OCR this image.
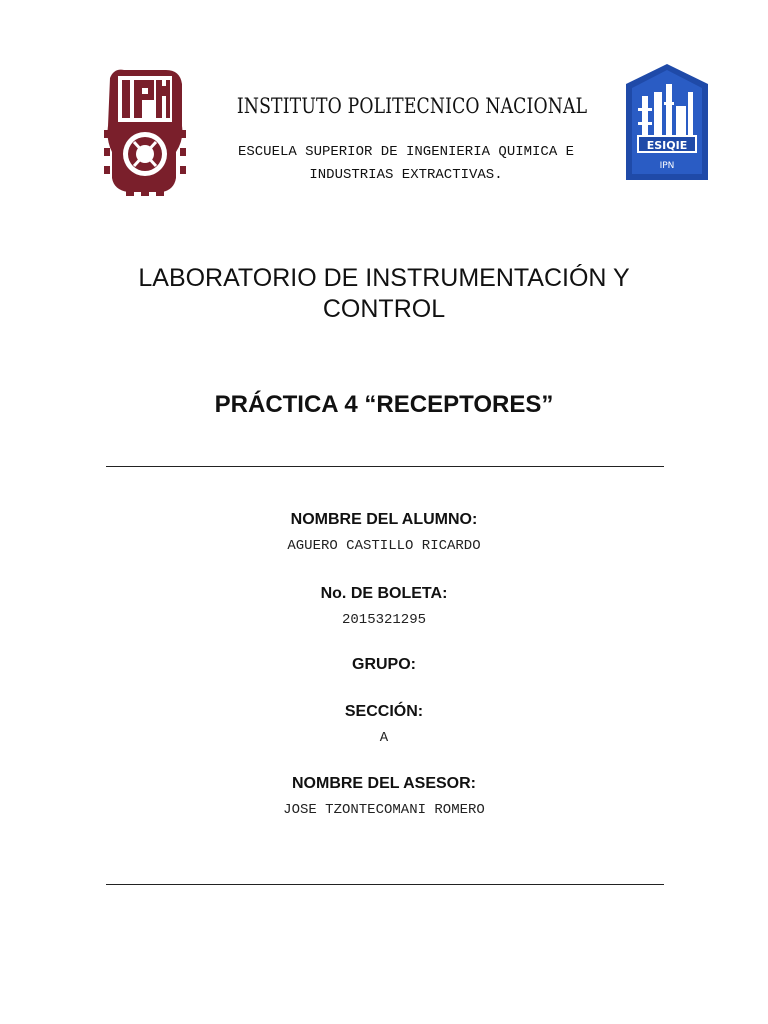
ESIQIE
IPN
INSTITUTO POLITECNICO NACIONAL
ESCUELA SUPERIOR DE INGENIERIA QUIMICA E
INDUSTRIAS EXTRACTIVAS.
LABORATORIO DE INSTRUMENTACIÓN Y
CONTROL
PRÁCTICA 4 “RECEPTORES”
NOMBRE DEL ALUMNO:
AGUERO CASTILLO RICARDO
No. DE BOLETA:
2015321295
GRUPO:
SECCIÓN:
A
NOMBRE DEL ASESOR:
JOSE TZONTECOMANI ROMERO
